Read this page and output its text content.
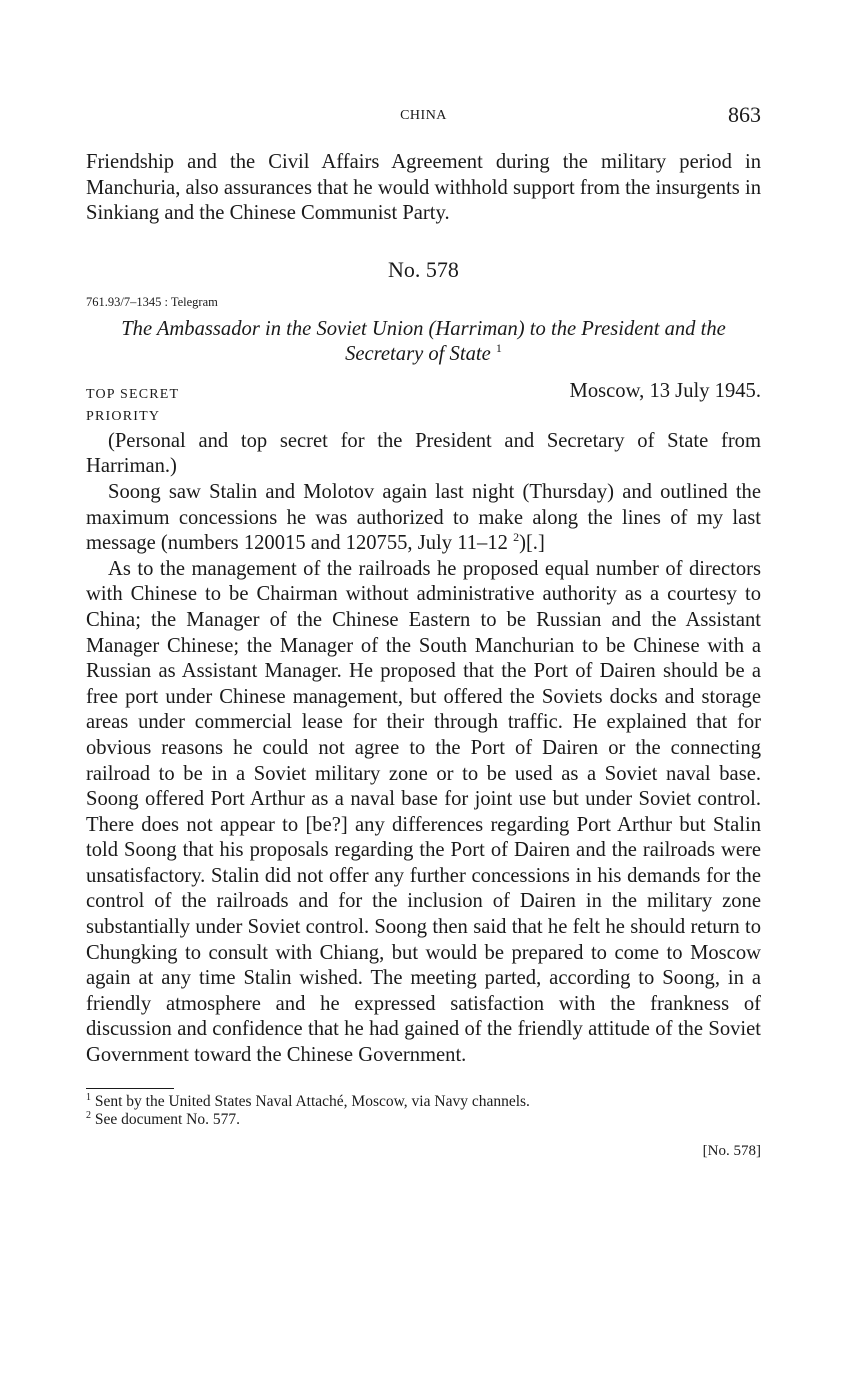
CHINA	863

Friendship and the Civil Affairs Agreement during the military period in Manchuria, also assurances that he would withhold support from the insurgents in Sinkiang and the Chinese Communist Party.

No. 578
761.93/7–1345 : Telegram
The Ambassador in the Soviet Union (Harriman) to the President and the Secretary of State $^1$
TOP SECRET
PRIORITY
Moscow, 13 July 1945.

(Personal and top secret for the President and Secretary of State from Harriman.)

Soong saw Stalin and Molotov again last night (Thursday) and outlined the maximum concessions he was authorized to make along the lines of my last message (numbers 120015 and 120755, July 11–12 $^2$)[.]

As to the management of the railroads he proposed equal number of directors with Chinese to be Chairman without administrative authority as a courtesy to China; the Manager of the Chinese Eastern to be Russian and the Assistant Manager Chinese; the Manager of the South Manchurian to be Chinese with a Russian as Assistant Manager. He proposed that the Port of Dairen should be a free port under Chinese management, but offered the Soviets docks and storage areas under commercial lease for their through traffic. He explained that for obvious reasons he could not agree to the Port of Dairen or the connecting railroad to be in a Soviet military zone or to be used as a Soviet naval base. Soong offered Port Arthur as a naval base for joint use but under Soviet control. There does not appear to [be?] any differences regarding Port Arthur but Stalin told Soong that his proposals regarding the Port of Dairen and the railroads were unsatisfactory. Stalin did not offer any further concessions in his demands for the control of the railroads and for the inclusion of Dairen in the military zone substantially under Soviet control. Soong then said that he felt he should return to Chungking to consult with Chiang, but would be prepared to come to Moscow again at any time Stalin wished. The meeting parted, according to Soong, in a friendly atmosphere and he expressed satisfaction with the frankness of discussion and confidence that he had gained of the friendly attitude of the Soviet Government toward the Chinese Government.

$^1$ Sent by the United States Naval Attaché, Moscow, via Navy channels.

$^2$ See document No. 577.

[No. 578]
